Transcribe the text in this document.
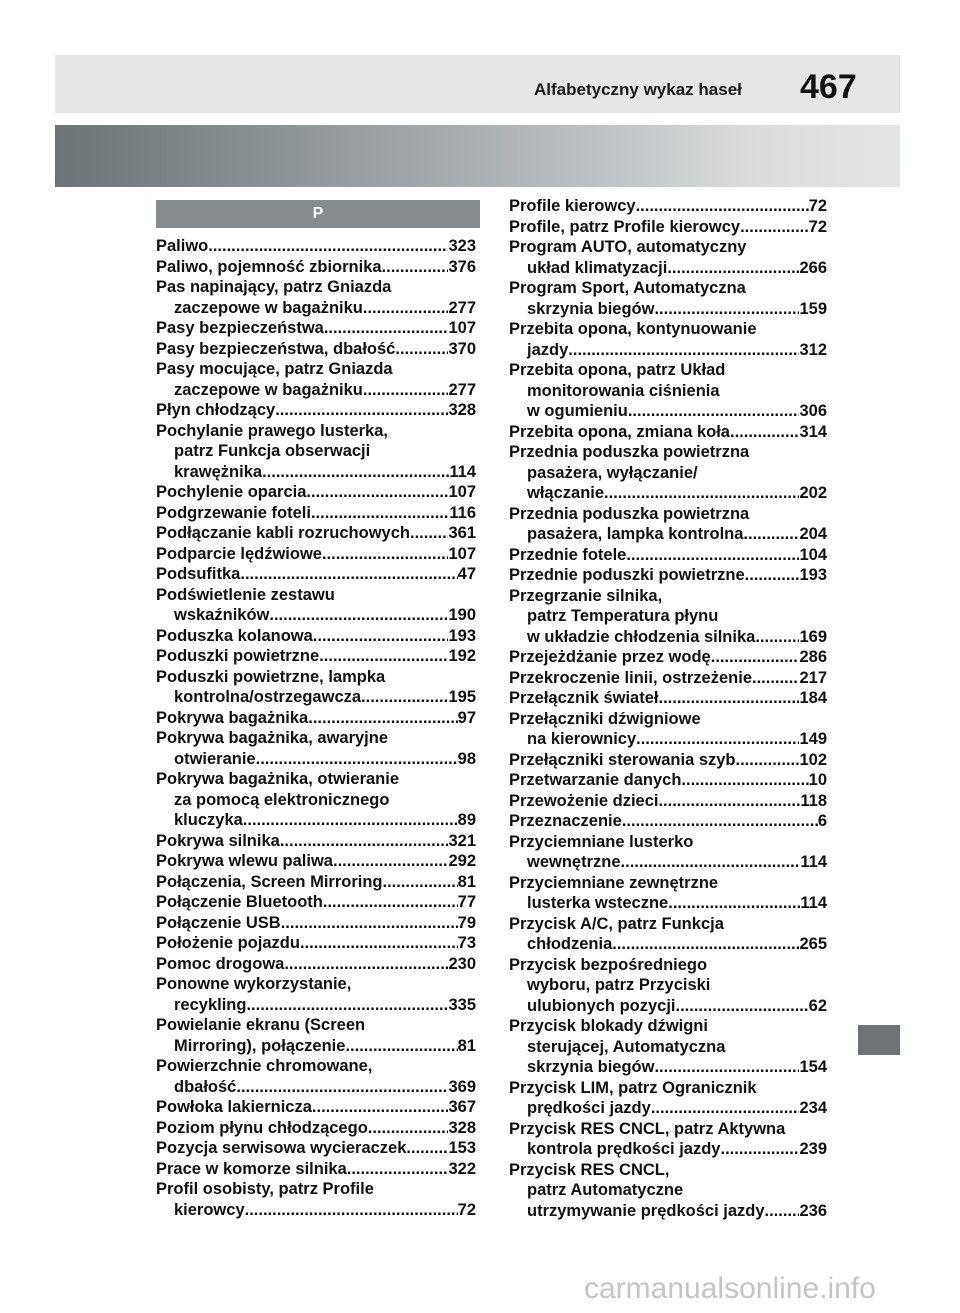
Alfabetyczny wykaz haseł 467
P
Paliwo .....	323
Paliwo, pojemność zbiornika .....	376
Pas napinający, patrz Gniazda
zaczepowe w bagażniku .....	277
Pasy bezpieczeństwa .....	107
Pasy bezpieczeństwa, dbałość .....	370
Pasy mocujące, patrz Gniazda
zaczepowe w bagażniku .....	277
Płyn chłodzący .....	328
Pochylanie prawego lusterka,
patrz Funkcja obserwacji
krawężnika .....	114
Pochylenie oparcia .....	107
Podgrzewanie foteli .....	116
Podłączanie kabli rozruchowych ..... 361
Podparcie lędźwiowe .....	107
Podsufitka .....	47
Podświetlenie zestawu
wskaźników .....	190
Poduszka kolanowa .....	193
Poduszki powietrzne .....	192
Poduszki powietrzne, lampka
kontrolna/ostrzegawcza .....	195
Pokrywa bagażnika .....	97
Pokrywa bagażnika, awaryjne
otwieranie .....	98
Pokrywa bagażnika, otwieranie
za pomocą elektronicznego
kluczyka .....	89
Pokrywa silnika .....	321
Pokrywa wlewu paliwa .....	292
Połączenia, Screen Mirroring .....	81
Połączenie Bluetooth .....	77
Połączenie USB .....	79
Położenie pojazdu .....	73
Pomoc drogowa .....	230
Ponowne wykorzystanie,
recykling .....	335
Powielanie ekranu (Screen
Mirroring), połączenie .....	81
Powierzchnie chromowane,
dbałość .....	369
Powłoka lakiernicza .....	367
Poziom płynu chłodzącego .....	328
Pozycja serwisowa wycieraczek .....	153
Prace w komorze silnika .....	322
Profil osobisty, patrz Profile
kierowcy .....	72
Profile kierowcy .....	72
Profile, patrz Profile kierowcy .....	72
Program AUTO, automatyczny
układ klimatyzacji .....	266
Program Sport, Automatyczna
skrzynia biegów .....	159
Przebita opona, kontynuowanie
jazdy .....	312
Przebita opona, patrz Układ
monitorowania ciśnienia
w ogumieniu .....	306
Przebita opona, zmiana koła .....	314
Przednia poduszka powietrzna
pasażera, wyłączanie/
włączanie .....	202
Przednia poduszka powietrzna
pasażera, lampka kontrolna .....	204
Przednie fotele .....	104
Przednie poduszki powietrzne .....	193
Przegrzanie silnika,
patrz Temperatura płynu
w układzie chłodzenia silnika .....	169
Przejeżdżanie przez wodę .....	286
Przekroczenie linii, ostrzeżenie .....	217
Przełącznik świateł .....	184
Przełączniki dźwigniowe
na kierownicy .....	149
Przełączniki sterowania szyb .....	102
Przetwarzanie danych .....	10
Przewożenie dzieci .....	118
Przeznaczenie .....	6
Przyciemniane lusterko
wewnętrzne .....	114
Przyciemniane zewnętrzne
lusterka wsteczne .....	114
Przycisk A/C, patrz Funkcja
chłodzenia .....	265
Przycisk bezpośredniego
wyboru, patrz Przyciski
ulubionych pozycji .....	62
Przycisk blokady dźwigni
sterującej, Automatyczna
skrzynia biegów .....	154
Przycisk LIM, patrz Ogranicznik
prędkości jazdy .....	234
Przycisk RES CNCL, patrz Aktywna
kontrola prędkości jazdy .....	239
Przycisk RES CNCL,
patrz Automatyczne
utrzymywanie prędkości jazdy ..... 236
carmanualsonline.info
